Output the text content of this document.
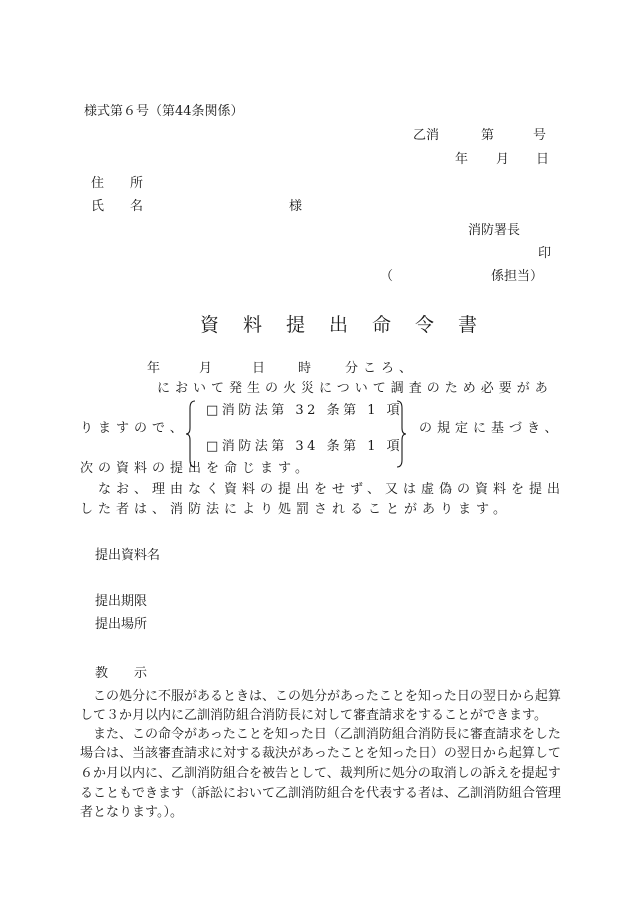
様式第６号（第44条関係）
乙消	第	号
年 月 日
住　　所
氏　　名	様
消防署長
印
（	係担当）
資料提出命令書
年	月	日	時	分ころ、
において発生の火災について調査のため必要があ
りますので、
□消防法第 32 条第 1 項
□消防法第 34 条第 1 項
の規定に基づき、
次の資料の提出を命じます。
　なお、理由なく資料の提出をせず、又は虚偽の資料を提出
した者は、消防法により処罰されることがあります。
提出資料名
提出期限
提出場所
教　　示
　この処分に不服があるときは、この処分があったことを知った日の翌日から起算
して３か月以内に乙訓消防組合消防長に対して審査請求をすることができます。
　また、この命令があったことを知った日（乙訓消防組合消防長に審査請求をした
場合は、当該審査請求に対する裁決があったことを知った日）の翌日から起算して
６か月以内に、乙訓消防組合を被告として、裁判所に処分の取消しの訴えを提起す
ることもできます（訴訟において乙訓消防組合を代表する者は、乙訓消防組合管理
者となります。）。
